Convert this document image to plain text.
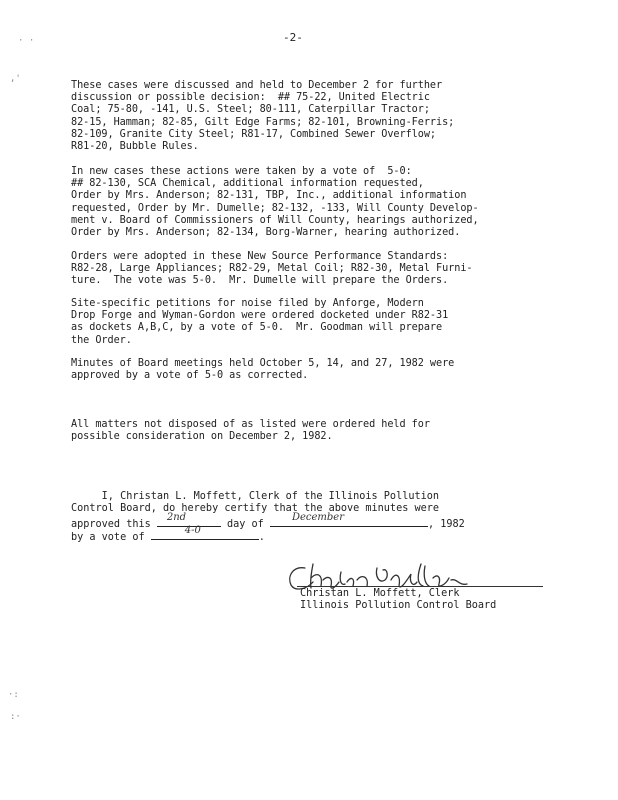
· ·
,'
·:
:·
-2-
These cases were discussed and held to December 2 for further
discussion or possible decision:  ## 75-22, United Electric
Coal; 75-80, -141, U.S. Steel; 80-111, Caterpillar Tractor;
82-15, Hamman; 82-85, Gilt Edge Farms; 82-101, Browning-Ferris;
82-109, Granite City Steel; R81-17, Combined Sewer Overflow;
R81-20, Bubble Rules.
In new cases these actions were taken by a vote of  5-0:
## 82-130, SCA Chemical, additional information requested,
Order by Mrs. Anderson; 82-131, TBP, Inc., additional information
requested, Order by Mr. Dumelle; 82-132, -133, Will County Develop-
ment v. Board of Commissioners of Will County, hearings authorized,
Order by Mrs. Anderson; 82-134, Borg-Warner, hearing authorized.
Orders were adopted in these New Source Performance Standards:
R82-28, Large Appliances; R82-29, Metal Coil; R82-30, Metal Furni-
ture.  The vote was 5-0.  Mr. Dumelle will prepare the Orders.
Site-specific petitions for noise filed by Anforge, Modern
Drop Forge and Wyman-Gordon were ordered docketed under R82-31
as dockets A,B,C, by a vote of 5-0.  Mr. Goodman will prepare
the Order.
Minutes of Board meetings held October 5, 14, and 27, 1982 were
approved by a vote of 5-0 as corrected.
All matters not disposed of as listed were ordered held for
possible consideration on December 2, 1982.
I, Christan L. Moffett, Clerk of the Illinois Pollution
Control Board, do hereby certify that the above minutes were
approved this
2nd
day of
December
, 1982
by a vote of
4-0
.
Christan L. Moffett
Christan L. Moffett, Clerk
Illinois Pollution Control Board
